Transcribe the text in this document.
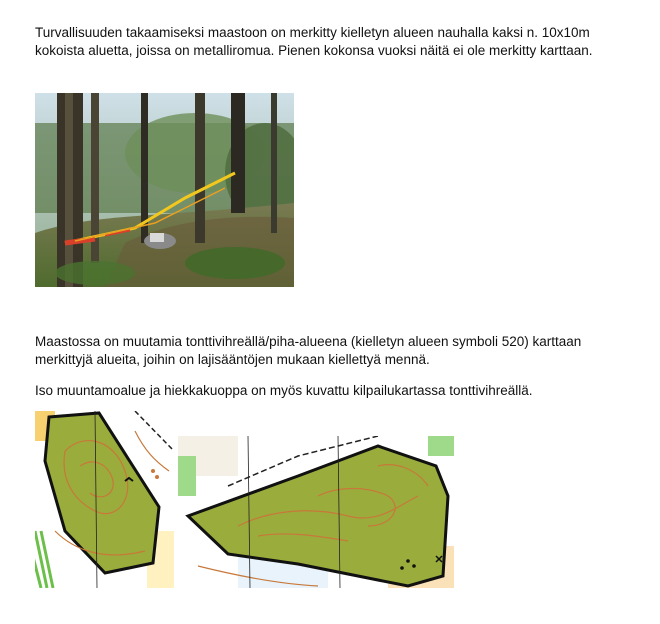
Turvallisuuden takaamiseksi maastoon on merkitty kielletyn alueen nauhalla kaksi n. 10x10m kokoista aluetta, joissa on metalliromua. Pienen kokonsa vuoksi näitä ei ole merkitty karttaan.

Maastossa on muutamia tonttivihreällä/piha-alueena (kielletyn alueen symboli 520) karttaan merkittyjä alueita, joihin on lajisääntöjen mukaan kiellettyä mennä.

Iso muuntamoalue ja hiekkakuoppa on myös kuvattu kilpailukartassa tonttivihreällä.
